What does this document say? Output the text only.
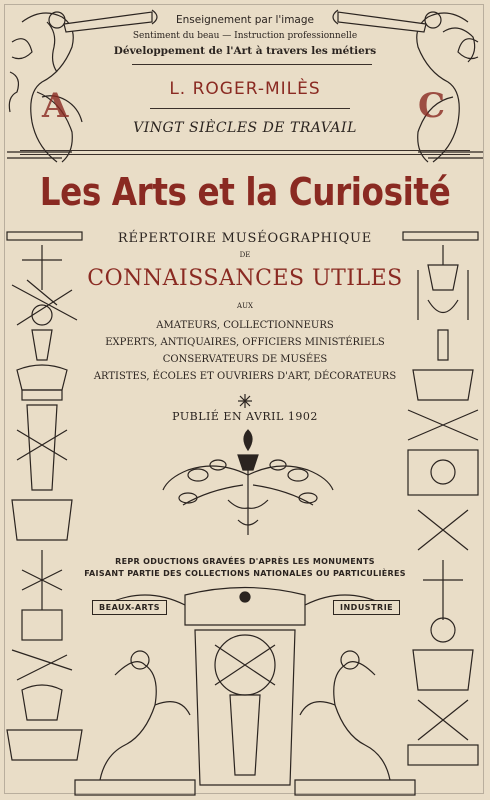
A	C
Enseignement par l'image
Sentiment du beau — Instruction professionnelle
Développement de l'Art à travers les métiers
L. ROGER-MILÈS
VINGT SIÈCLES DE TRAVAIL
Les Arts et la Curiosité
RÉPERTOIRE MUSÉOGRAPHIQUE
DE
CONNAISSANCES UTILES
AUX
AMATEURS, COLLECTIONNEURS
EXPERTS, ANTIQUAIRES, OFFICIERS MINISTÉRIELS
CONSERVATEURS DE MUSÉES
ARTISTES, ÉCOLES ET OUVRIERS D'ART, DÉCORATEURS
PUBLIÉ EN AVRIL 1902
REPR ODUCTIONS GRAVÉES D'APRÈS LES MONUMENTS
FAISANT PARTIE DES COLLECTIONS NATIONALES OU PARTICULIÈRES
BEAUX-ARTS	INDUSTRIE
